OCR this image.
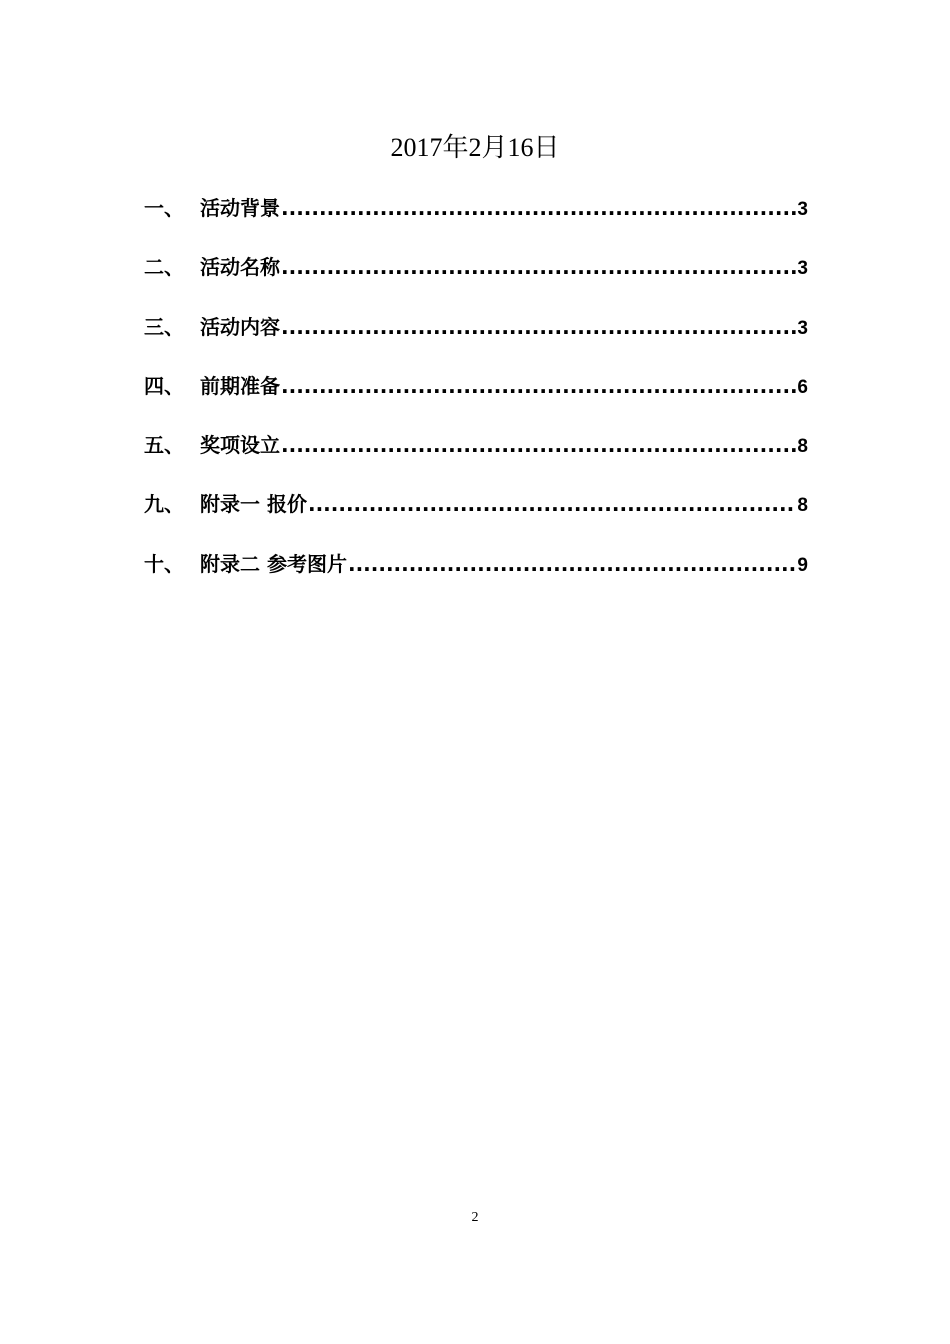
2017年2月16日
一、 活动背景 .....	3
二、 活动名称 .....	3
三、 活动内容 .....	3
四、 前期准备 .....	6
五、 奖项设立 .....	8
九、 附录一 报价 .....	8
十、 附录二 参考图片 .....	9
2
